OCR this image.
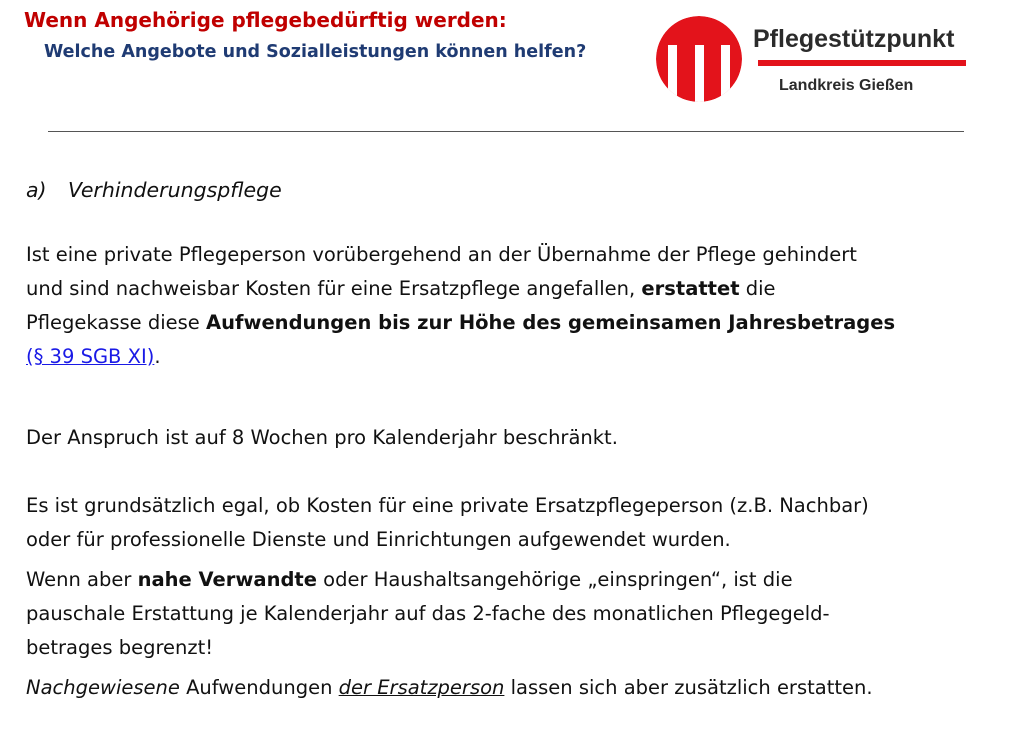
Wenn Angehörige pflegebedürftig werden:
Welche Angebote und Sozialleistungen können helfen?	Pflegestützpunkt
Landkreis Gießen
a) Verhinderungspflege
Ist eine private Pflegeperson vorübergehend an der Übernahme der Pflege gehindert
und sind nachweisbar Kosten für eine Ersatzpflege angefallen, erstattet die
Pflegekasse diese Aufwendungen bis zur Höhe des gemeinsamen Jahresbetrages
(§ 39 SGB XI).
Der Anspruch ist auf 8 Wochen pro Kalenderjahr beschränkt.
Es ist grundsätzlich egal, ob Kosten für eine private Ersatzpflegeperson (z.B. Nachbar)
oder für professionelle Dienste und Einrichtungen aufgewendet wurden.
Wenn aber nahe Verwandte oder Haushaltsangehörige „einspringen“, ist die
pauschale Erstattung je Kalenderjahr auf das 2-fache des monatlichen Pflegegeld-
betrages begrenzt!
Nachgewiesene Aufwendungen der Ersatzperson lassen sich aber zusätzlich erstatten.
